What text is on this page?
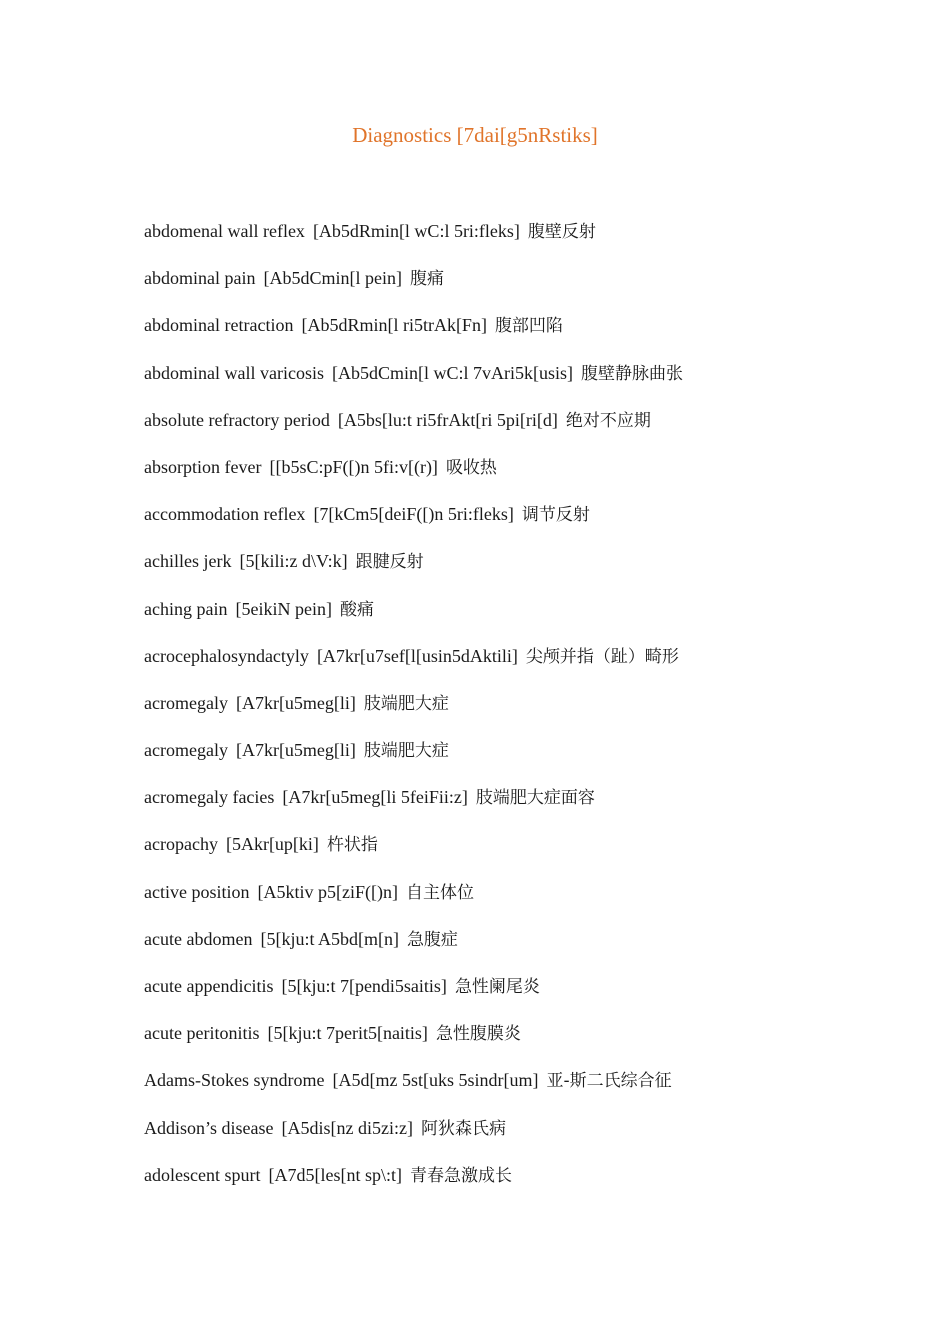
Diagnostics [7dai[g5nRstiks]
abdomenal wall reflex [Ab5dRmin[l wC:l 5ri:fleks] 腹壁反射
abdominal pain [Ab5dCmin[l pein] 腹痛
abdominal retraction [Ab5dRmin[l ri5trAk[Fn] 腹部凹陷
abdominal wall varicosis [Ab5dCmin[l wC:l 7vAri5k[usis] 腹壁静脉曲张
absolute refractory period [A5bs[lu:t ri5frAkt[ri 5pi[ri[d] 绝对不应期
absorption fever [[b5sC:pF([)n 5fi:v[(r)] 吸收热
accommodation reflex [7[kCm5[deiF([)n 5ri:fleks] 调节反射
achilles jerk [5[kili:z d\V:k] 跟腱反射
aching pain [5eikiN pein] 酸痛
acrocephalosyndactyly [A7kr[u7sef[l[usin5dAktili] 尖颅并指（趾）畸形
acromegaly [A7kr[u5meg[li] 肢端肥大症
acromegaly [A7kr[u5meg[li] 肢端肥大症
acromegaly facies [A7kr[u5meg[li 5feiFii:z] 肢端肥大症面容
acropachy [5Akr[up[ki] 杵状指
active position [A5ktiv p5[ziF([)n] 自主体位
acute abdomen [5[kju:t A5bd[m[n] 急腹症
acute appendicitis [5[kju:t 7[pendi5saitis] 急性阑尾炎
acute peritonitis [5[kju:t 7perit5[naitis] 急性腹膜炎
Adams-Stokes syndrome [A5d[mz 5st[uks 5sindr[um] 亚-斯二氏综合征
Addison’s disease [A5dis[nz di5zi:z] 阿狄森氏病
adolescent spurt [A7d5[les[nt sp\:t] 青春急激成长
